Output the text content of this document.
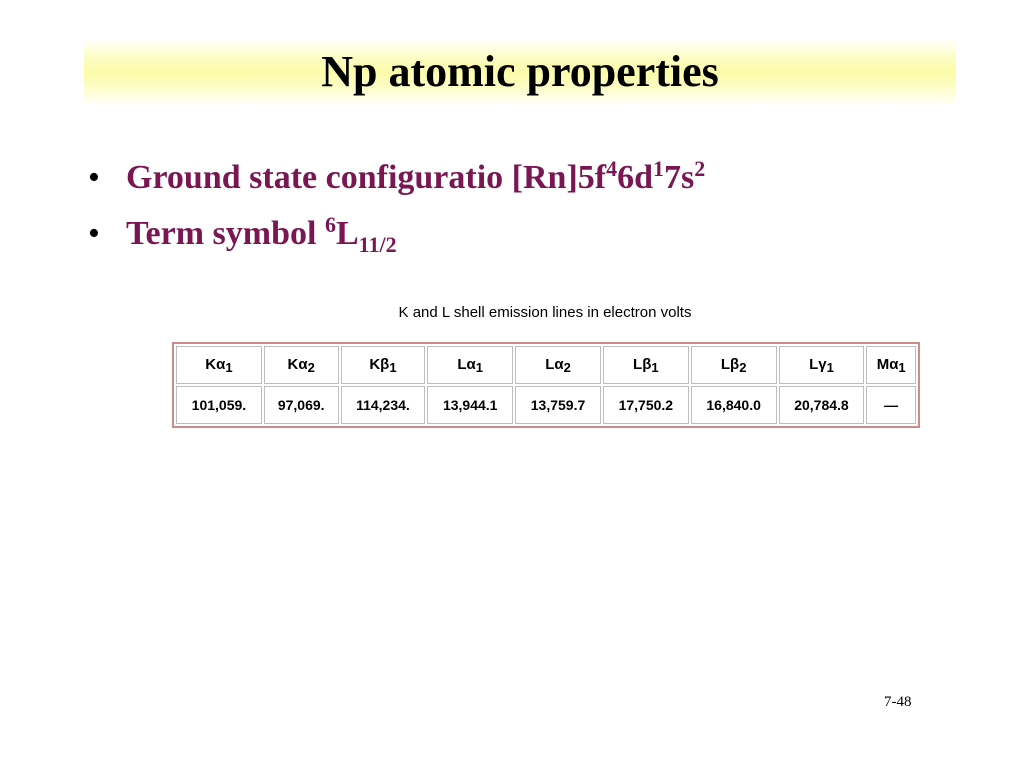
Np atomic properties
• Ground state configuratio $[Rn]5f^46d^17s^2$
• Term symbol $^6L_{11/2}$
K and L shell emission lines in electron volts
Kα1	Kα2	Kβ1	Lα1	Lα2	Lβ1	Lβ2	Lγ1	Mα1
101,059.	97,069.	114,234.	13,944.1	13,759.7	17,750.2	16,840.0	20,784.8	—
7-48
